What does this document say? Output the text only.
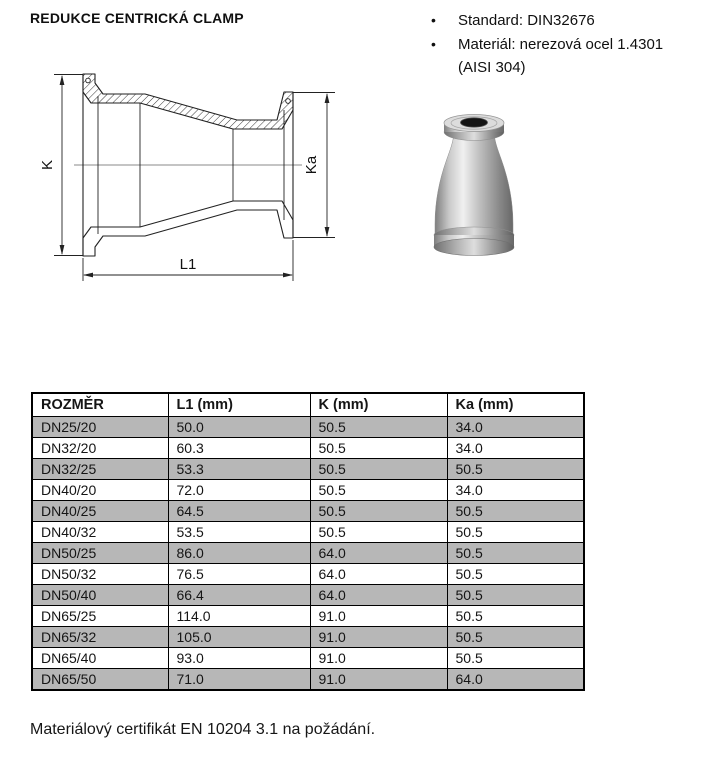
REDUKCE CENTRICKÁ CLAMP	•	Standard: DIN32676
•	Materiál: nerezová ocel 1.4301
(AISI 304)
K	Ka
L1
ROZMĚR	L1 (mm)	K (mm)	Ka (mm)
DN25/20	50.0	50.5	34.0
DN32/20	60.3	50.5	34.0
DN32/25	53.3	50.5	50.5
DN40/20	72.0	50.5	34.0
DN40/25	64.5	50.5	50.5
DN40/32	53.5	50.5	50.5
DN50/25	86.0	64.0	50.5
DN50/32	76.5	64.0	50.5
DN50/40	66.4	64.0	50.5
DN65/25	114.0	91.0	50.5
DN65/32	105.0	91.0	50.5
DN65/40	93.0	91.0	50.5
DN65/50	71.0	91.0	64.0

Materiálový certifikát EN 10204 3.1 na požádání.
